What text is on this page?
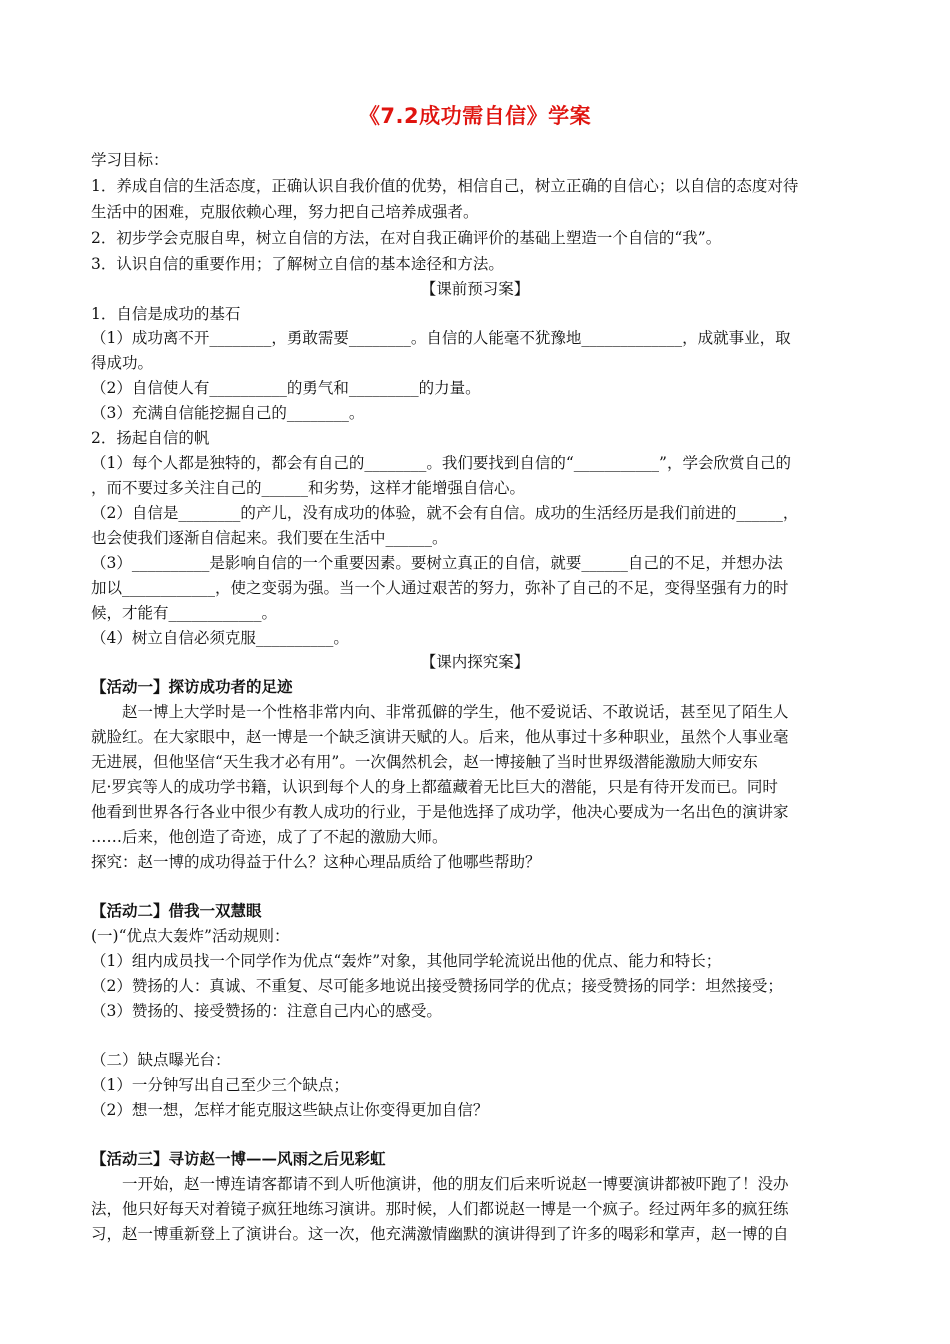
《7.2成功需自信》学案
学习目标：
1．养成自信的生活态度，正确认识自我价值的优势，相信自己，树立正确的自信心；以自信的态度对待
生活中的困难，克服依赖心理，努力把自己培养成强者。
2．初步学会克服自卑，树立自信的方法，在对自我正确评价的基础上塑造一个自信的“我”。
3．认识自信的重要作用；了解树立自信的基本途径和方法。
【课前预习案】
1．自信是成功的基石
（1）成功离不开________，勇敢需要________。自信的人能毫不犹豫地_____________，成就事业，取
得成功。
（2）自信使人有__________的勇气和_________的力量。
（3）充满自信能挖掘自己的________。
2．扬起自信的帆
（1）每个人都是独特的，都会有自己的________。我们要找到自信的“___________”，学会欣赏自己的
，而不要过多关注自己的______和劣势，这样才能增强自信心。
（2）自信是________的产儿，没有成功的体验，就不会有自信。成功的生活经历是我们前进的______，
也会使我们逐渐自信起来。我们要在生活中______。
（3）__________是影响自信的一个重要因素。要树立真正的自信，就要______自己的不足，并想办法
加以____________，使之变弱为强。当一个人通过艰苦的努力，弥补了自己的不足，变得坚强有力的时
候，才能有____________。
（4）树立自信必须克服__________。
【课内探究案】
【活动一】探访成功者的足迹
赵一博上大学时是一个性格非常内向、非常孤僻的学生，他不爱说话、不敢说话，甚至见了陌生人
就脸红。在大家眼中，赵一博是一个缺乏演讲天赋的人。后来，他从事过十多种职业，虽然个人事业毫
无进展，但他坚信“天生我才必有用”。一次偶然机会，赵一博接触了当时世界级潜能激励大师安东
尼·罗宾等人的成功学书籍，认识到每个人的身上都蕴藏着无比巨大的潜能，只是有待开发而已。同时
他看到世界各行各业中很少有教人成功的行业，于是他选择了成功学，他决心要成为一名出色的演讲家
……后来，他创造了奇迹，成了了不起的激励大师。
探究：赵一博的成功得益于什么？这种心理品质给了他哪些帮助？
【活动二】借我一双慧眼
(一)“优点大轰炸”活动规则：
（1）组内成员找一个同学作为优点“轰炸”对象，其他同学轮流说出他的优点、能力和特长；
（2）赞扬的人：真诚、不重复、尽可能多地说出接受赞扬同学的优点；接受赞扬的同学：坦然接受；
（3）赞扬的、接受赞扬的：注意自己内心的感受。
（二）缺点曝光台：
（1）一分钟写出自己至少三个缺点；
（2）想一想，怎样才能克服这些缺点让你变得更加自信？
【活动三】寻访赵一博——风雨之后见彩虹
一开始，赵一博连请客都请不到人听他演讲，他的朋友们后来听说赵一博要演讲都被吓跑了！没办
法，他只好每天对着镜子疯狂地练习演讲。那时候，人们都说赵一博是一个疯子。经过两年多的疯狂练
习，赵一博重新登上了演讲台。这一次，他充满激情幽默的演讲得到了许多的喝彩和掌声，赵一博的自
